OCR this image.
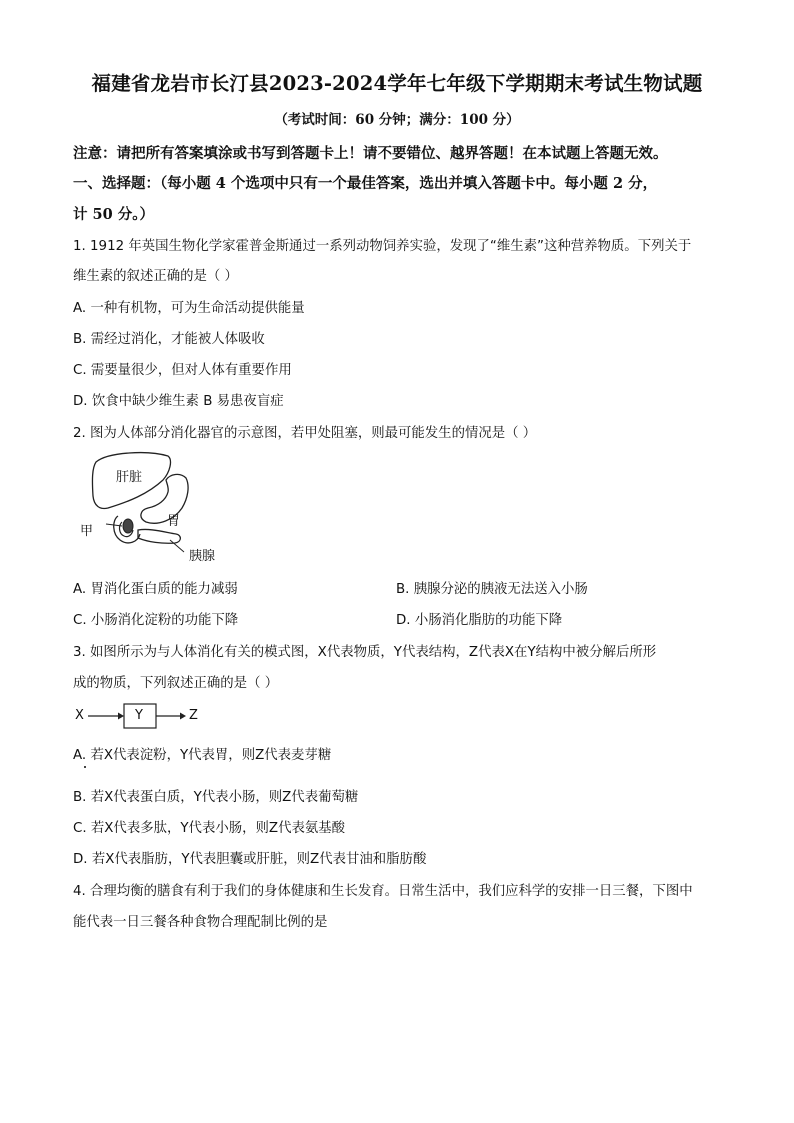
福建省龙岩市长汀县2023-2024学年七年级下学期期末考试生物试题
（考试时间：60 分钟；满分：100 分）
注意：请把所有答案填涂或书写到答题卡上！请不要错位、越界答题！在本试题上答题无效。
一、选择题：（每小题 4 个选项中只有一个最佳答案，选出并填入答题卡中。每小题 2 分，
计 50 分。）
1. 1912 年英国生物化学家霍普金斯通过一系列动物饲养实验，发现了“维生素”这种营养物质。下列关于
维生素的叙述正确的是（ ）
A. 一种有机物，可为生命活动提供能量
B. 需经过消化，才能被人体吸收
C. 需要量很少，但对人体有重要作用
D. 饮食中缺少维生素 B 易患夜盲症
2. 图为人体部分消化器官的示意图，若甲处阻塞，则最可能发生的情况是（ ）
肝脏
胃
甲
胰腺
A. 胃消化蛋白质的能力减弱	B. 胰腺分泌的胰液无法送入小肠
C. 小肠消化淀粉的功能下降	D. 小肠消化脂肪的功能下降
3. 如图所示为与人体消化有关的模式图，X代表物质，Y代表结构，Z代表X在Y结构中被分解后所形
成的物质，下列叙述正确的是（ ）
X	Y	Z
A. 若X代表淀粉，Y代表胃，则Z代表麦芽糖
B. 若X代表蛋白质，Y代表小肠，则Z代表葡萄糖
C. 若X代表多肽，Y代表小肠，则Z代表氨基酸
D. 若X代表脂肪，Y代表胆囊或肝脏，则Z代表甘油和脂肪酸
4. 合理均衡的膳食有利于我们的身体健康和生长发育。日常生活中，我们应科学的安排一日三餐，下图中
能代表一日三餐各种食物合理配制比例的是
